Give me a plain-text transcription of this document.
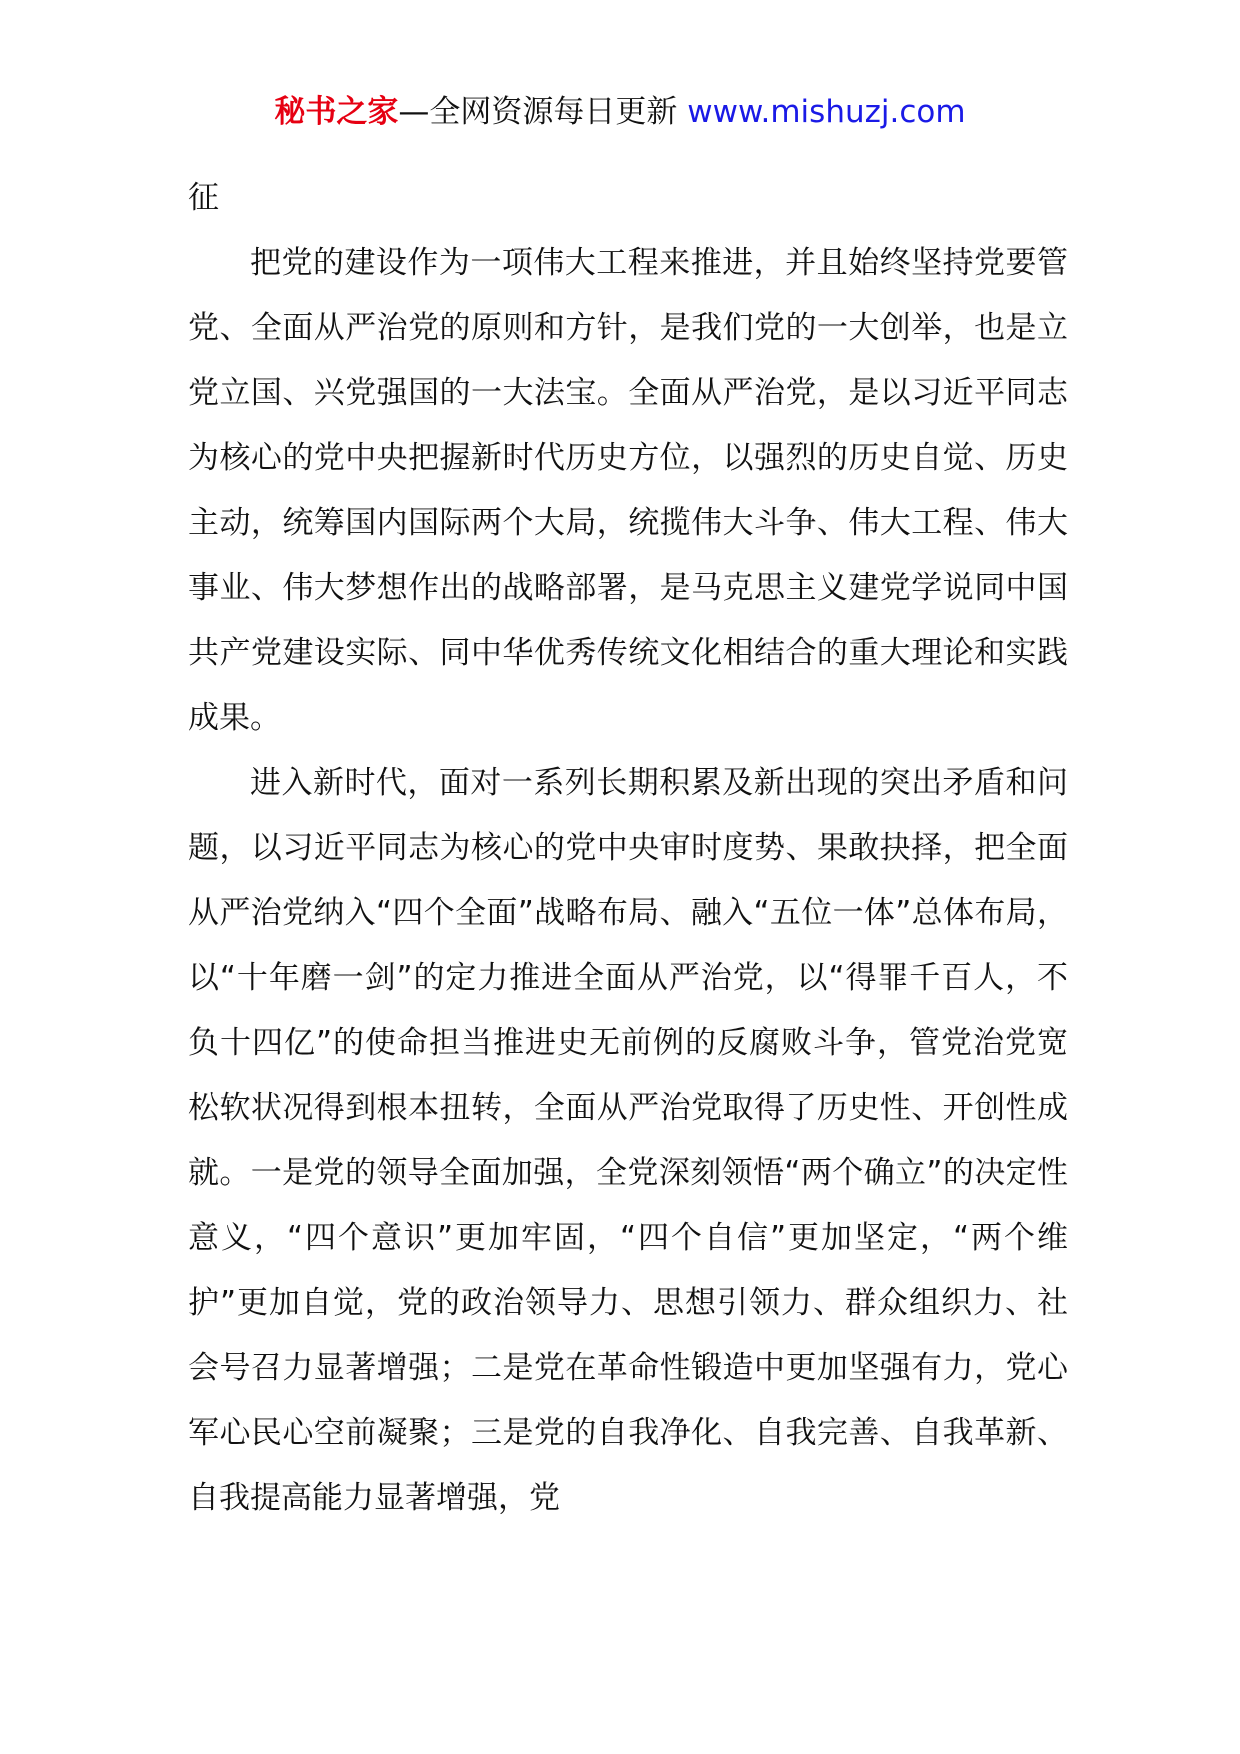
秘书之家—全网资源每日更新 www.mishuzj.com

征

把党的建设作为一项伟大工程来推进，并且始终坚持党要管党、全面从严治党的原则和方针，是我们党的一大创举，也是立党立国、兴党强国的一大法宝。全面从严治党，是以习近平同志为核心的党中央把握新时代历史方位，以强烈的历史自觉、历史主动，统筹国内国际两个大局，统揽伟大斗争、伟大工程、伟大事业、伟大梦想作出的战略部署，是马克思主义建党学说同中国共产党建设实际、同中华优秀传统文化相结合的重大理论和实践成果。

进入新时代，面对一系列长期积累及新出现的突出矛盾和问题，以习近平同志为核心的党中央审时度势、果敢抉择，把全面从严治党纳入“四个全面”战略布局、融入“五位一体”总体布局，以“十年磨一剑”的定力推进全面从严治党，以“得罪千百人，不负十四亿”的使命担当推进史无前例的反腐败斗争，管党治党宽松软状况得到根本扭转，全面从严治党取得了历史性、开创性成就。一是党的领导全面加强，全党深刻领悟“两个确立”的决定性意义，“四个意识”更加牢固，“四个自信”更加坚定，“两个维护”更加自觉，党的政治领导力、思想引领力、群众组织力、社会号召力显著增强；二是党在革命性锻造中更加坚强有力，党心军心民心空前凝聚；三是党的自我净化、自我完善、自我革新、自我提高能力显著增强，党
